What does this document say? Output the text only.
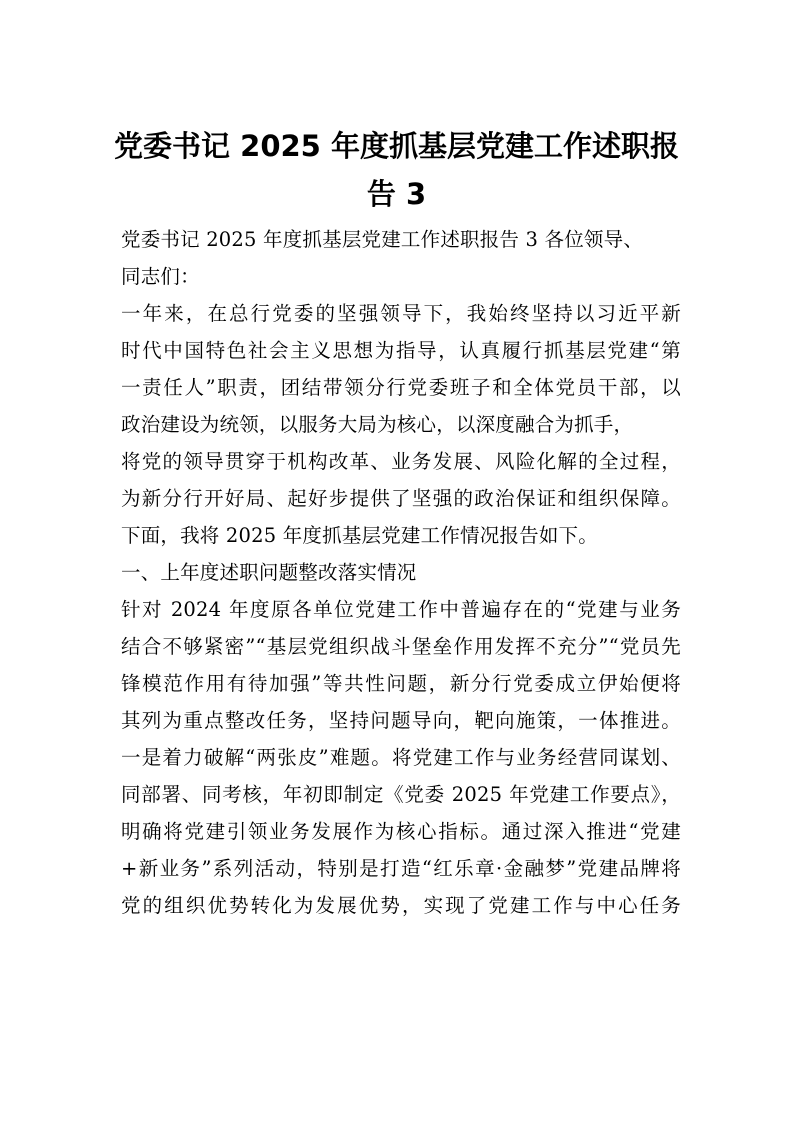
党委书记 2025 年度抓基层党建工作述职报
告 3
党委书记 2025 年度抓基层党建工作述职报告 3 各位领导、
同志们：
一年来，在总行党委的坚强领导下，我始终坚持以习近平新
时代中国特色社会主义思想为指导，认真履行抓基层党建“第
一责任人”职责，团结带领分行党委班子和全体党员干部，以
政治建设为统领，以服务大局为核心，以深度融合为抓手，
将党的领导贯穿于机构改革、业务发展、风险化解的全过程，
为新分行开好局、起好步提供了坚强的政治保证和组织保障。
下面，我将 2025 年度抓基层党建工作情况报告如下。
一、上年度述职问题整改落实情况
针对 2024 年度原各单位党建工作中普遍存在的“党建与业务
结合不够紧密”“基层党组织战斗堡垒作用发挥不充分”“党员先
锋模范作用有待加强”等共性问题，新分行党委成立伊始便将
其列为重点整改任务，坚持问题导向，靶向施策，一体推进。
一是着力破解“两张皮”难题。将党建工作与业务经营同谋划、
同部署、同考核，年初即制定《党委 2025 年党建工作要点》，
明确将党建引领业务发展作为核心指标。通过深入推进“党建
+新业务”系列活动，特别是打造“红乐章·金融梦”党建品牌将
党的组织优势转化为发展优势，实现了党建工作与中心任务
